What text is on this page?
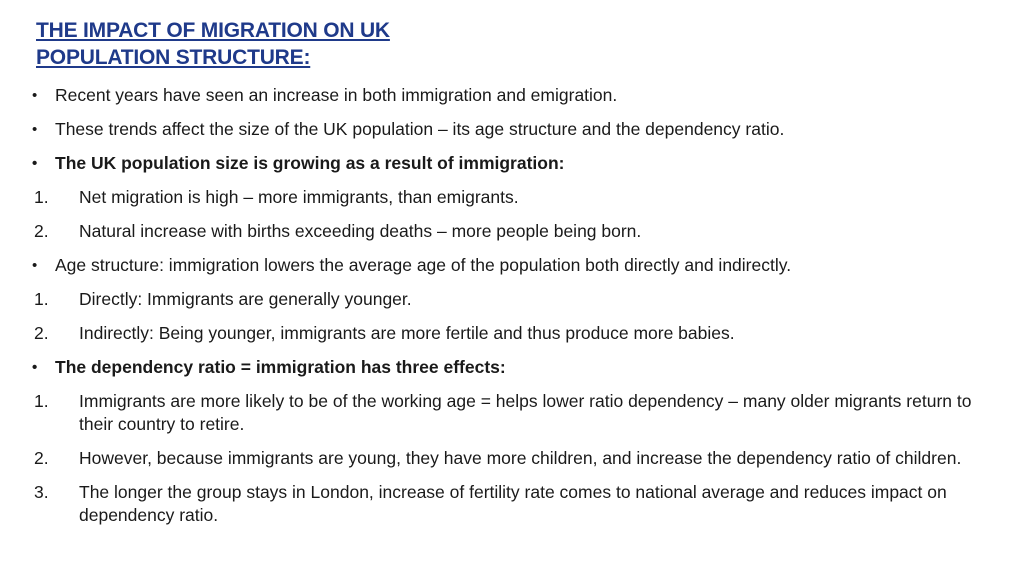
THE IMPACT OF MIGRATION ON UK
POPULATION STRUCTURE:
• Recent years have seen an increase in both immigration and emigration.
• These trends affect the size of the UK population – its age structure and the dependency ratio.
• The UK population size is growing as a result of immigration:
1. Net migration is high – more immigrants, than emigrants.
2. Natural increase with births exceeding deaths – more people being born.
• Age structure: immigration lowers the average age of the population both directly and indirectly.
1. Directly: Immigrants are generally younger.
2. Indirectly: Being younger, immigrants are more fertile and thus produce more babies.
• The dependency ratio = immigration has three effects:
1. Immigrants are more likely to be of the working age = helps lower ratio dependency – many older migrants return to their country to retire.
2. However, because immigrants are young, they have more children, and increase the dependency ratio of children.
3. The longer the group stays in London, increase of fertility rate comes to national average and reduces impact on dependency ratio.
